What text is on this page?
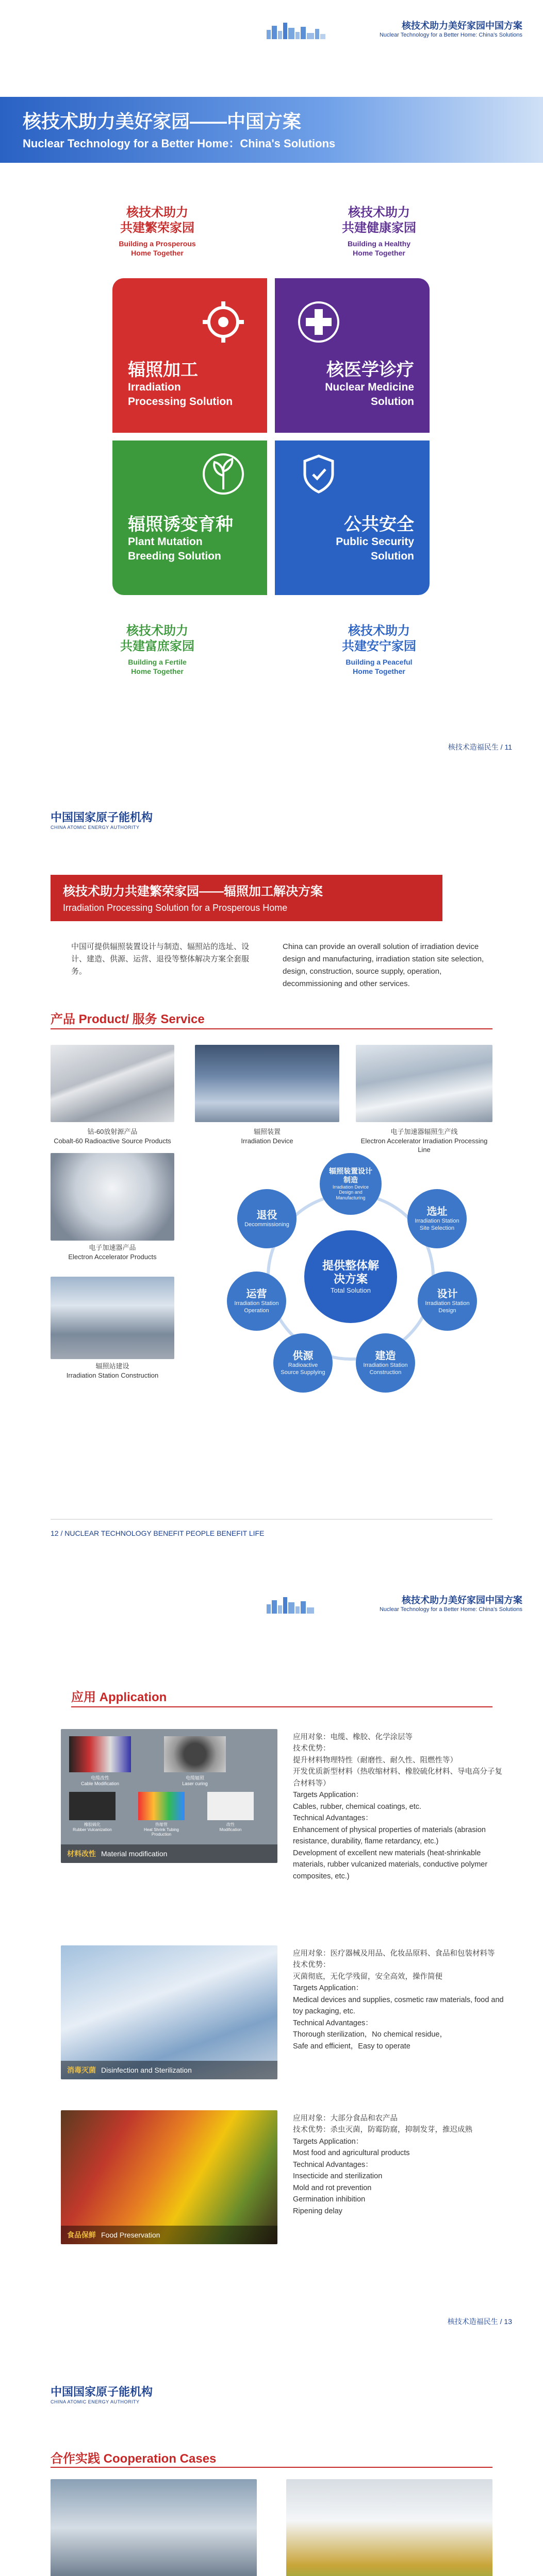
核技术助力美好家园中国方案
Nuclear Technology for a Better Home: China's Solutions
核技术助力美好家园——中国方案
Nuclear Technology for a Better Home：China's Solutions
核技术助力
共建繁荣家园
Building a Prosperous
Home Together
核技术助力
共建健康家园
Building a Healthy
Home Together
辐照加工
Irradiation
Processing Solution
核医学诊疗
Nuclear Medicine
Solution
辐照诱变育种
Plant Mutation
Breeding Solution
公共安全
Public Security
Solution
核技术助力
共建富庶家园
Building a Fertile
Home Together
核技术助力
共建安宁家园
Building a Peaceful
Home Together
核技术造福民生 / 11
中国国家原子能机构
CHINA ATOMIC ENERGY AUTHORITY
核技术助力共建繁荣家园——辐照加工解决方案
Irradiation Processing Solution for a Prosperous Home
中国可提供辐照装置设计与制造、辐照站的选址、设计、建造、供源、运营、退役等整体解决方案全套服务。
China can provide an overall solution of irradiation device design and manufacturing, irradiation station site selection, design, construction, source supply, operation, decommissioning and other services.
产品 Product/ 服务 Service
钴-60放射源产品
Cobalt-60 Radioactive Source Products
辐照装置
Irradiation Device
电子加速器辐照生产线
Electron Accelerator Irradiation Processing Line
电子加速器产品
Electron Accelerator Products
辐照站建设
Irradiation Station Construction
提供整体解决方案
Total Solution
辐照装置设计制造
Irradiation Device Design and Manufacturing
选址
Irradiation Station Site Selection
设计
Irradiation Station Design
建造
Irradiation Station Construction
供源
Radioactive Source Supplying
运营
Irradiation Station Operation
退役
Decommissioning
12 / NUCLEAR TECHNOLOGY BENEFIT PEOPLE BENEFIT LIFE
核技术助力美好家园中国方案
Nuclear Technology for a Better Home: China's Solutions
应用 Application
电缆改性
Cable Modification
电缆辐照
Laser curing
橡胶硫化
Rubber Vulcanization
热缩管
Heat Shrink Tubing Production
改性
Modification
材料改性 Material modification
应用对象：电缆、橡胶、化学涂层等
技术优势：
提升材料物理特性（耐磨性、耐久性、阻燃性等）
开发优质新型材料（热收缩材料、橡胶硫化材料、导电高分子复合材料等）
Targets Application：
Cables, rubber, chemical coatings, etc.
Technical Advantages：
Enhancement of physical properties of materials (abrasion resistance, durability, flame retardancy, etc.)
Development of excellent new materials (heat-shrinkable materials, rubber vulcanized materials, conductive polymer composites, etc.)
消毒灭菌 Disinfection and Sterilization
应用对象：医疗器械及用品、化妆品原料、食品和包装材料等
技术优势：
灭菌彻底，无化学残留，安全高效，操作简便
Targets Application：
Medical devices and supplies, cosmetic raw materials, food and toy packaging, etc.
Technical Advantages：
Thorough sterilization，No chemical residue，
Safe and efficient，Easy to operate
食品保鲜 Food Preservation
应用对象：大部分食品和农产品
技术优势：杀虫灭菌，防霉防腐，抑制发芽，推迟成熟
Targets Application：
Most food and agricultural products
Technical Advantages：
Insecticide and sterilization
Mold and rot prevention
Germination inhibition
Ripening delay
核技术造福民生 / 13
中国国家原子能机构
CHINA ATOMIC ENERGY AUTHORITY
合作实践 Cooperation Cases
